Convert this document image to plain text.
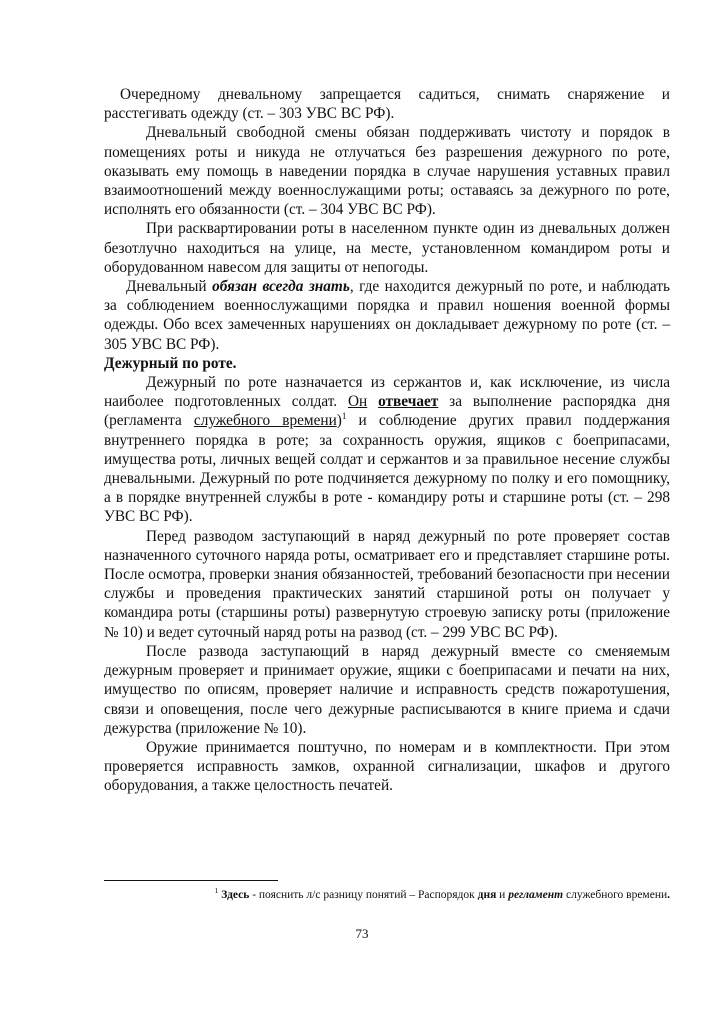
Очередному дневальному запрещается садиться, снимать снаряжение и расстегивать одежду (ст. – 303 УВС ВС РФ).

Дневальный свободной смены обязан поддерживать чистоту и порядок в помещениях роты и никуда не отлучаться без разрешения дежурного по роте, оказывать ему помощь в наведении порядка в случае нарушения уставных правил взаимоотношений между военнослужащими роты; оставаясь за дежурного по роте, исполнять его обязанности (ст. – 304 УВС ВС РФ).

При расквартировании роты в населенном пункте один из дневальных должен безотлучно находиться на улице, на месте, установленном командиром роты и оборудованном навесом для защиты от непогоды.

Дневальный обязан всегда знать, где находится дежурный по роте, и наблюдать за соблюдением военнослужащими порядка и правил ношения военной формы одежды. Обо всех замеченных нарушениях он докладывает дежурному по роте (ст. – 305 УВС ВС РФ).

Дежурный по роте.

Дежурный по роте назначается из сержантов и, как исключение, из числа наиболее подготовленных солдат. Он отвечает за выполнение распорядка дня (регламента служебного времени)$^1$ и соблюдение других правил поддержания внутреннего порядка в роте; за сохранность оружия, ящиков с боеприпасами, имущества роты, личных вещей солдат и сержантов и за правильное несение службы дневальными. Дежурный по роте подчиняется дежурному по полку и его помощнику, а в порядке внутренней службы в роте - командиру роты и старшине роты (ст. – 298 УВС ВС РФ).

Перед разводом заступающий в наряд дежурный по роте проверяет состав назначенного суточного наряда роты, осматривает его и представляет старшине роты. После осмотра, проверки знания обязанностей, требований безопасности при несении службы и проведения практических занятий старшиной роты он получает у командира роты (старшины роты) развернутую строевую записку роты (приложение № 10) и ведет суточный наряд роты на развод (ст. – 299 УВС ВС РФ).

После развода заступающий в наряд дежурный вместе со сменяемым дежурным проверяет и принимает оружие, ящики с боеприпасами и печати на них, имущество по описям, проверяет наличие и исправность средств пожаротушения, связи и оповещения, после чего дежурные расписываются в книге приема и сдачи дежурства (приложение № 10).

Оружие принимается поштучно, по номерам и в комплектности. При этом проверяется исправность замков, охранной сигнализации, шкафов и другого оборудования, а также целостность печатей.

$^1$ Здесь - пояснить л/с разницу понятий – Распорядок дня и регламент служебного времени.
73
